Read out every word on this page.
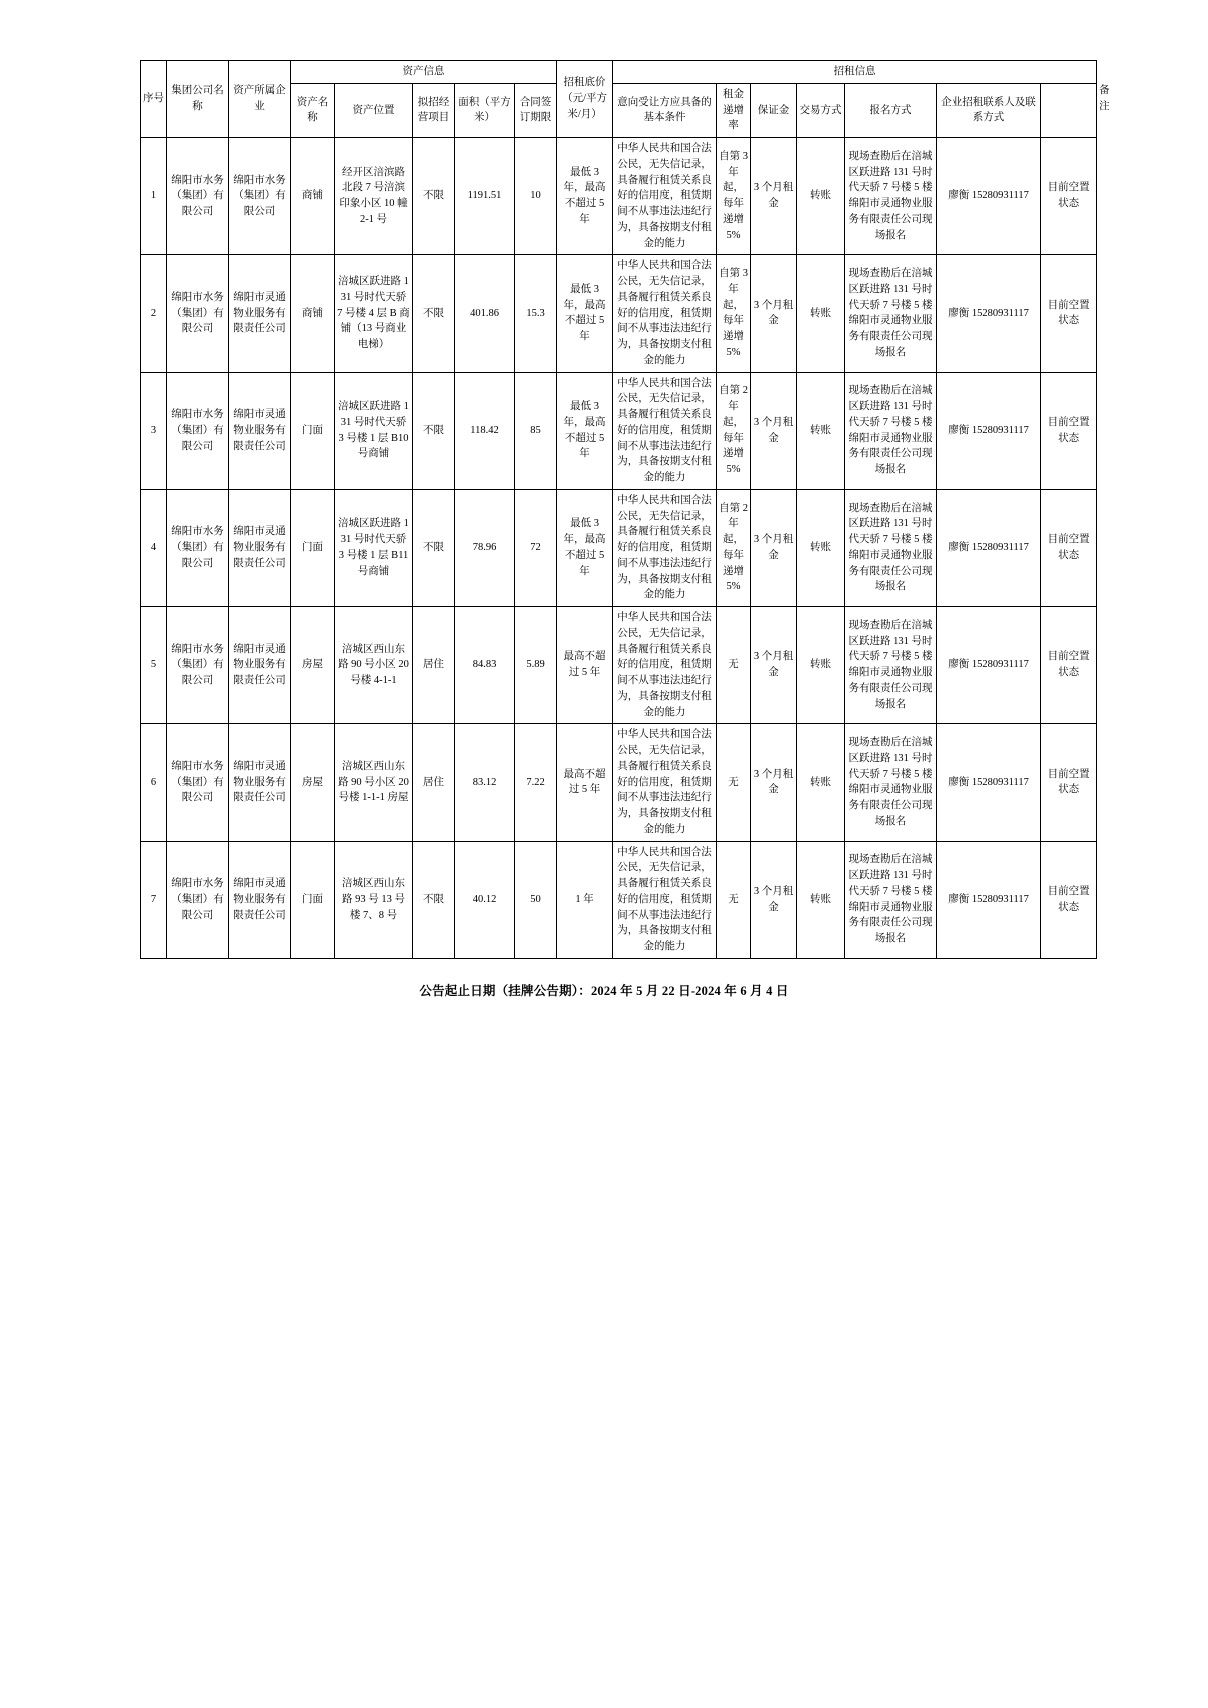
序号	集团公司名称	资产所属企业	资产信息					招租底价（元/平方米/月）	招租信息							备注
			资产名称	资产位置	拟招经营项目	面积（平方米）	合同签订期限		意向受让方应具备的基本条件	租金递增率	保证金	交易方式	报名方式	企业招租联系人及联系方式		
1	绵阳市水务（集团）有限公司	绵阳市水务（集团）有限公司	商铺	经开区涪滨路北段 7 号涪滨印象小区 10 幢 2-1 号	不限	1191.51	10	最低 3 年，最高不超过 5 年	中华人民共和国合法公民，无失信记录，具备履行租赁关系良好的信用度，租赁期间不从事违法违纪行为，具备按期支付租金的能力	自第 3 年起，每年递增 5%	3 个月租金	转账	现场查勘后在涪城区跃进路 131 号时代天骄 7 号楼 5 楼绵阳市灵通物业服务有限责任公司现场报名	廖衡 15280931117	目前空置状态	
2	绵阳市水务（集团）有限公司	绵阳市灵通物业服务有限责任公司	商铺	涪城区跃进路 131 号时代天骄 7 号楼 4 层 B 商铺（13 号商业电梯）	不限	401.86	15.3	最低 3 年，最高不超过 5 年	中华人民共和国合法公民，无失信记录，具备履行租赁关系良好的信用度，租赁期间不从事违法违纪行为，具备按期支付租金的能力	自第 3 年起，每年递增 5%	3 个月租金	转账	现场查勘后在涪城区跃进路 131 号时代天骄 7 号楼 5 楼绵阳市灵通物业服务有限责任公司现场报名	廖衡 15280931117	目前空置状态	
3	绵阳市水务（集团）有限公司	绵阳市灵通物业服务有限责任公司	门面	涪城区跃进路 131 号时代天骄 3 号楼 1 层 B10 号商铺	不限	118.42	85	最低 3 年，最高不超过 5 年	中华人民共和国合法公民，无失信记录，具备履行租赁关系良好的信用度，租赁期间不从事违法违纪行为，具备按期支付租金的能力	自第 2 年起，每年递增 5%	3 个月租金	转账	现场查勘后在涪城区跃进路 131 号时代天骄 7 号楼 5 楼绵阳市灵通物业服务有限责任公司现场报名	廖衡 15280931117	目前空置状态	
4	绵阳市水务（集团）有限公司	绵阳市灵通物业服务有限责任公司	门面	涪城区跃进路 131 号时代天骄 3 号楼 1 层 B11 号商铺	不限	78.96	72	最低 3 年，最高不超过 5 年	中华人民共和国合法公民，无失信记录，具备履行租赁关系良好的信用度，租赁期间不从事违法违纪行为，具备按期支付租金的能力	自第 2 年起，每年递增 5%	3 个月租金	转账	现场查勘后在涪城区跃进路 131 号时代天骄 7 号楼 5 楼绵阳市灵通物业服务有限责任公司现场报名	廖衡 15280931117	目前空置状态	
5	绵阳市水务（集团）有限公司	绵阳市灵通物业服务有限责任公司	房屋	涪城区西山东路 90 号小区 20 号楼 4-1-1	居住	84.83	5.89	最高不超过 5 年	中华人民共和国合法公民，无失信记录，具备履行租赁关系良好的信用度，租赁期间不从事违法违纪行为，具备按期支付租金的能力	无	3 个月租金	转账	现场查勘后在涪城区跃进路 131 号时代天骄 7 号楼 5 楼绵阳市灵通物业服务有限责任公司现场报名	廖衡 15280931117	目前空置状态	
6	绵阳市水务（集团）有限公司	绵阳市灵通物业服务有限责任公司	房屋	涪城区西山东路 90 号小区 20 号楼 1-1-1 房屋	居住	83.12	7.22	最高不超过 5 年	中华人民共和国合法公民，无失信记录，具备履行租赁关系良好的信用度，租赁期间不从事违法违纪行为，具备按期支付租金的能力	无	3 个月租金	转账	现场查勘后在涪城区跃进路 131 号时代天骄 7 号楼 5 楼绵阳市灵通物业服务有限责任公司现场报名	廖衡 15280931117	目前空置状态	
7	绵阳市水务（集团）有限公司	绵阳市灵通物业服务有限责任公司	门面	涪城区西山东路 93 号 13 号楼 7、8 号	不限	40.12	50	1 年	中华人民共和国合法公民，无失信记录，具备履行租赁关系良好的信用度，租赁期间不从事违法违纪行为，具备按期支付租金的能力	无	3 个月租金	转账	现场查勘后在涪城区跃进路 131 号时代天骄 7 号楼 5 楼绵阳市灵通物业服务有限责任公司现场报名	廖衡 15280931117	目前空置状态	
公告起止日期（挂牌公告期）：2024 年 5 月 22 日-2024 年 6 月 4 日
